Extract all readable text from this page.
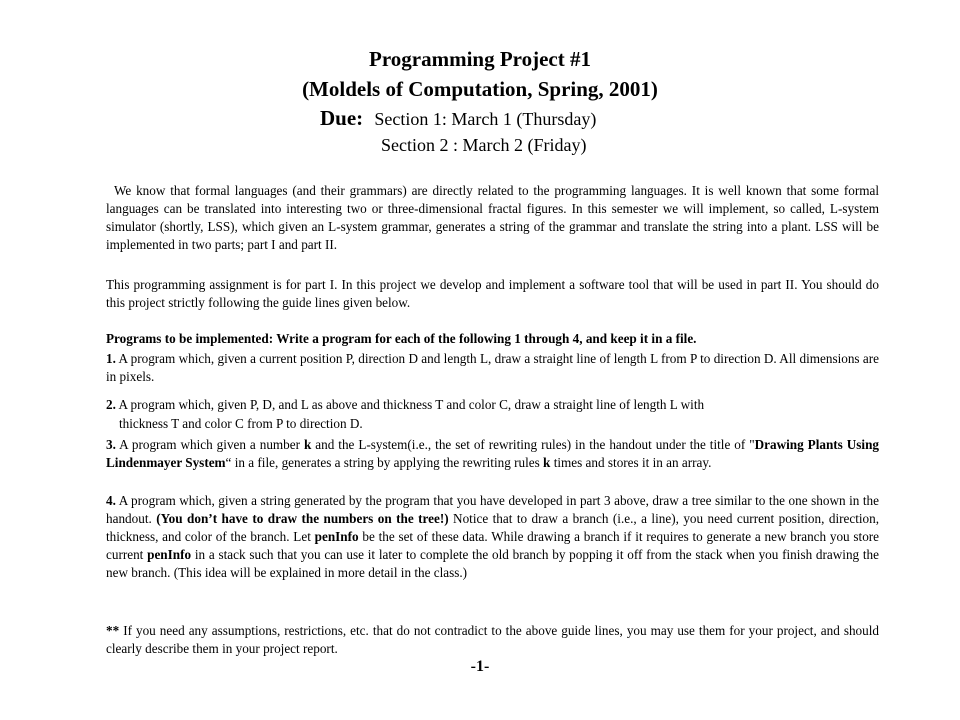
Programming Project #1

(Moldels of Computation, Spring, 2001)

Due: Section 1: March 1 (Thursday)
Section 2 : March 2 (Friday)

We know that formal languages (and their grammars) are directly related to the programming languages. It is well known that some formal languages can be translated into interesting two or three-dimensional fractal figures. In this semester we will implement, so called, L-system simulator (shortly, LSS), which given an L-system grammar, generates a string of the grammar and translate the string into a plant. LSS will be implemented in two parts; part I and part II.

This programming assignment is for part I. In this project we develop and implement a software tool that will be used in part II. You should do this project strictly following the guide lines given below.

Programs to be implemented: Write a program for each of the following 1 through 4, and keep it in a file.

1. A program which, given a current position P, direction D and length L, draw a straight line of length L from P to direction D. All dimensions are in pixels.

2. A program which, given P, D, and L as above and thickness T and color C, draw a straight line of length L with

thickness T and color C from P to direction D.

3. A program which given a number k and the L-system(i.e., the set of rewriting rules) in the handout under the title of "Drawing Plants Using Lindenmayer System“ in a file, generates a string by applying the rewriting rules k times and stores it in an array.

4. A program which, given a string generated by the program that you have developed in part 3 above, draw a tree similar to the one shown in the handout. (You don’t have to draw the numbers on the tree!) Notice that to draw a branch (i.e., a line), you need current position, direction, thickness, and color of the branch. Let penInfo be the set of these data. While drawing a branch if it requires to generate a new branch you store current penInfo in a stack such that you can use it later to complete the old branch by popping it off from the stack when you finish drawing the new branch. (This idea will be explained in more detail in the class.)

** If you need any assumptions, restrictions, etc. that do not contradict to the above guide lines, you may use them for your project, and should clearly describe them in your project report.

-1-
